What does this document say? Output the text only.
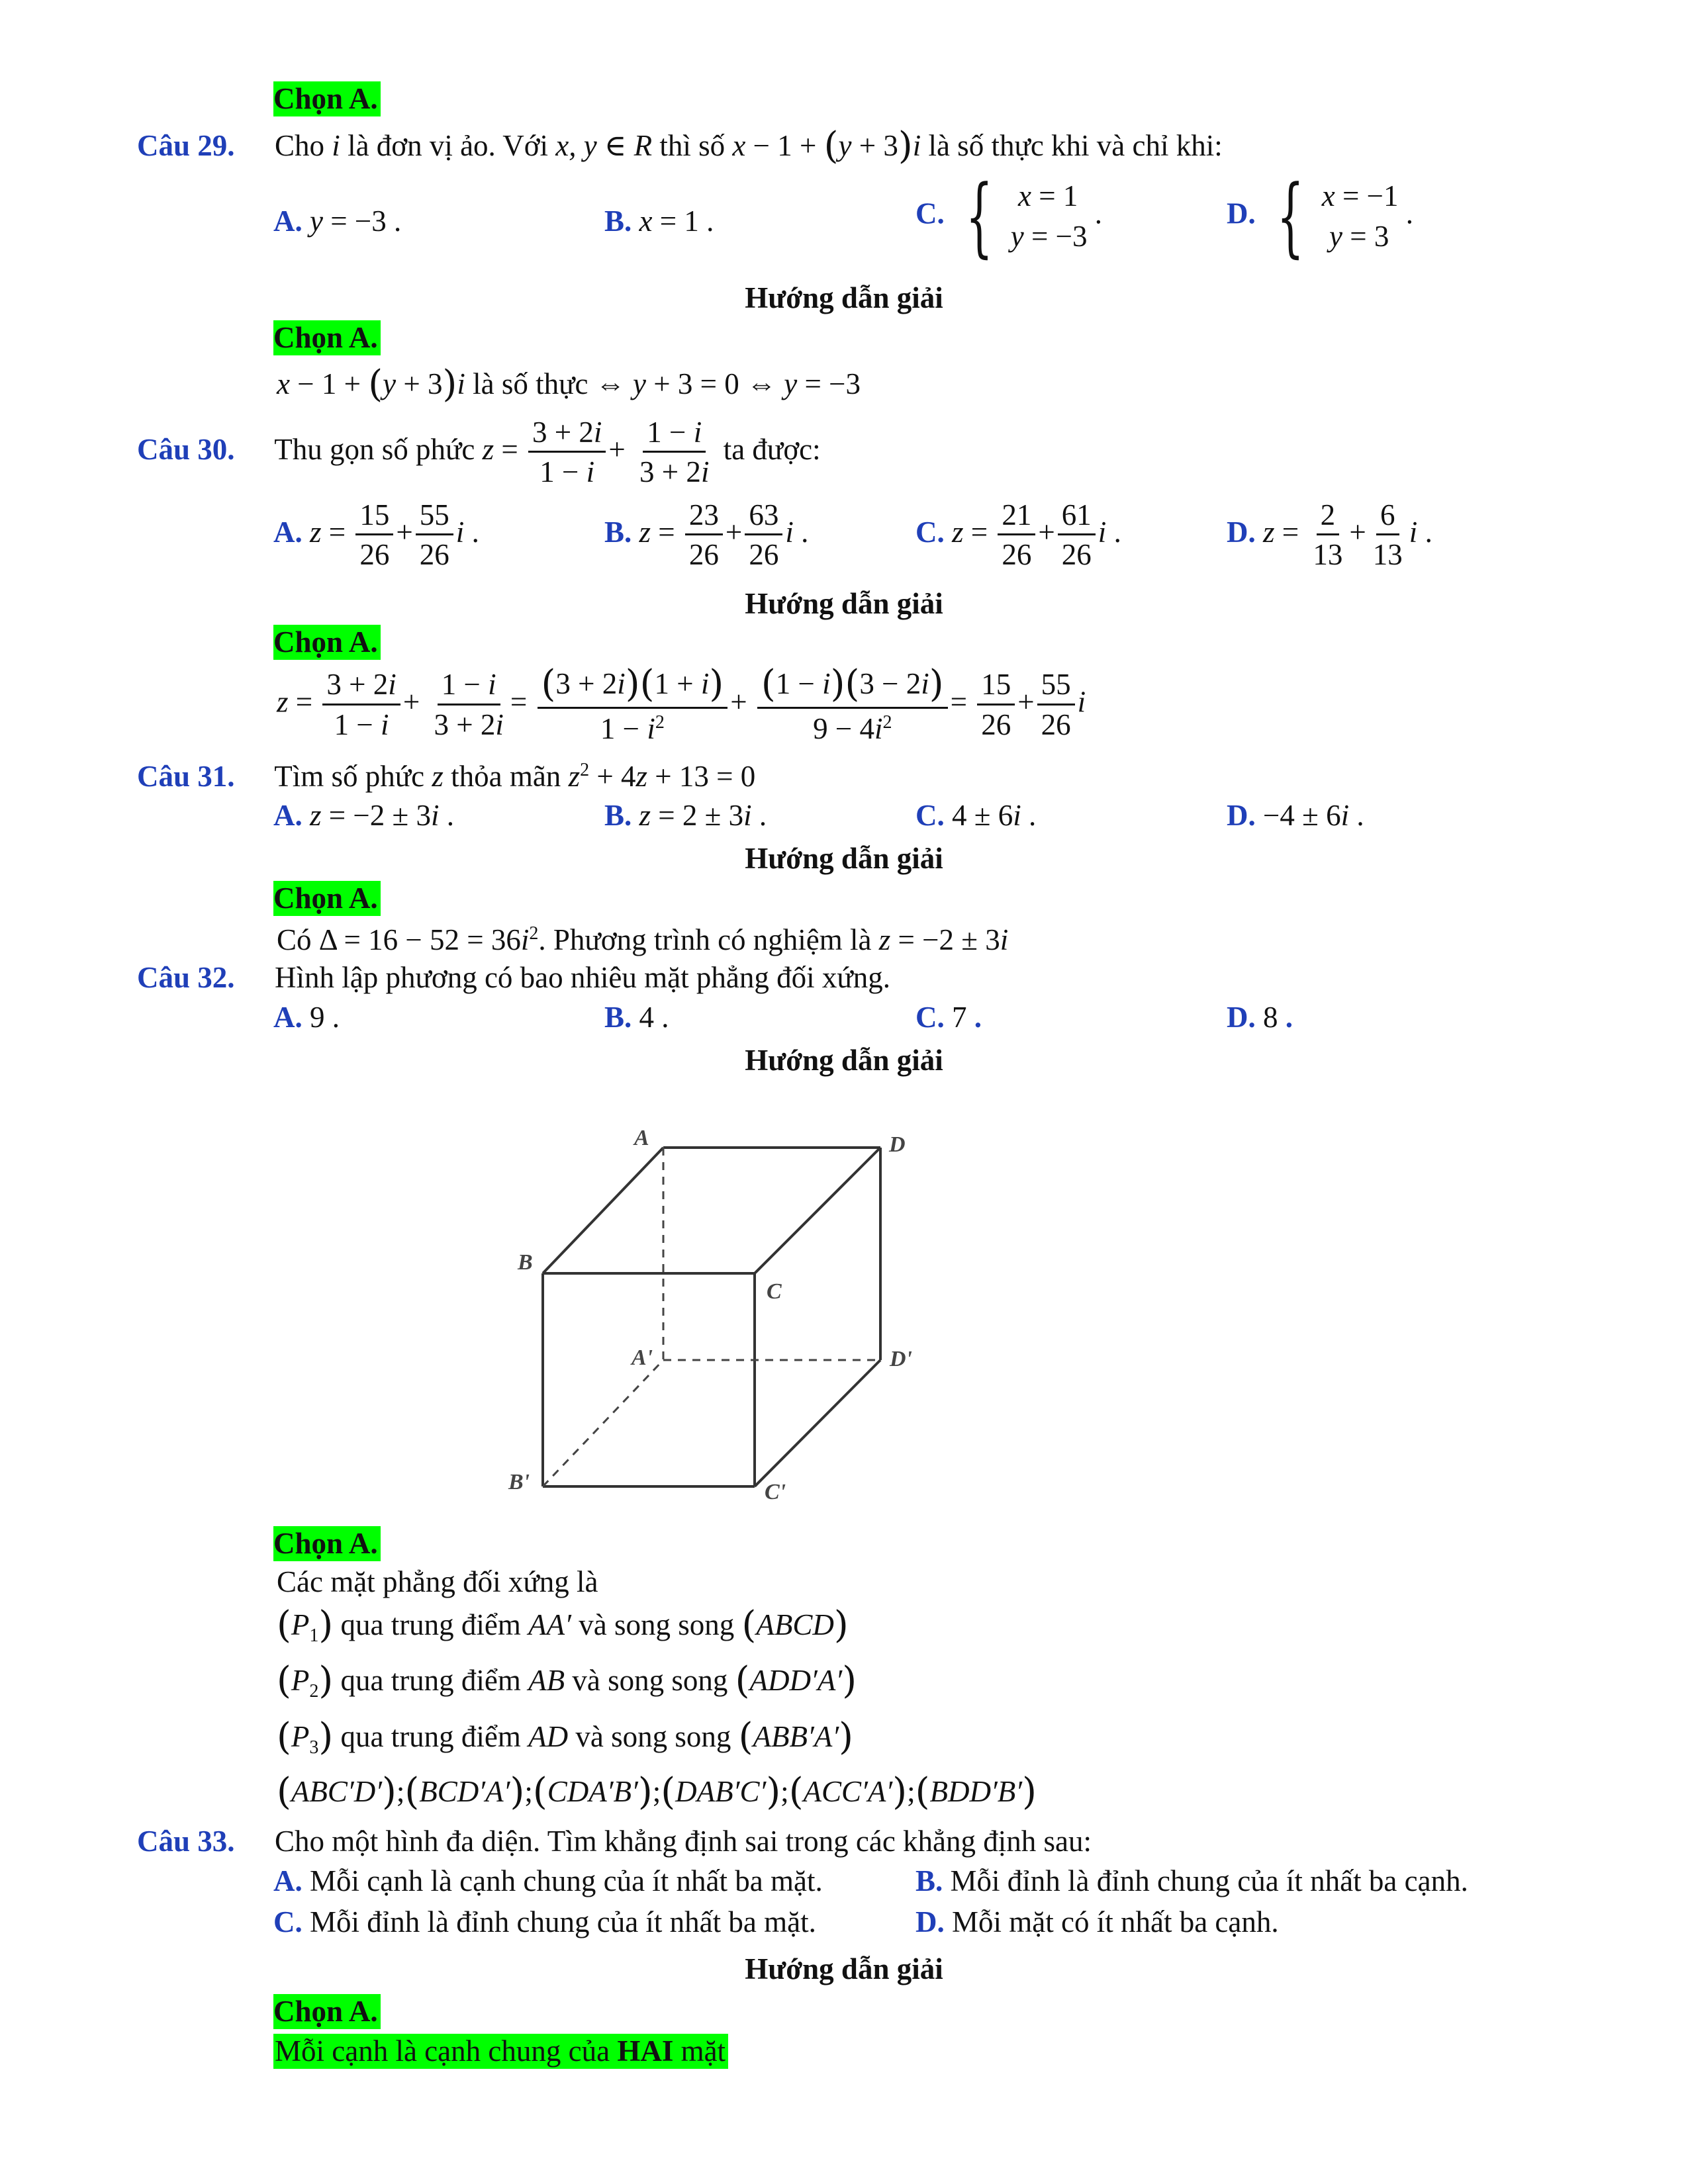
Chọn A.
Câu 29. Cho i là đơn vị ảo. Với x, y ∈ R thì số x − 1 + (y + 3)i là số thực khi và chỉ khi:
A. y = −3 .	B. x = 1 .	C. { x = 1
y = −3
.	D. { x = −1
y = 3
.
Hướng dẫn giải
Chọn A.
x − 1 + (y + 3)i là số thực ⇔ y + 3 = 0 ⇔ y = −3
Câu 30. Thu gọn số phức $z = \frac{3 + 2i}{1 - i} + \frac{1 - i}{3 + 2i}$ ta được:
A. $z = \frac{15}{26} + \frac{55}{26}$ i .	B. $z = \frac{23}{26} + \frac{63}{26}$ i .	C. $z = \frac{21}{26} + \frac{61}{26}$ i .	D. $z = \frac{2}{13} + \frac{6}{13}$ i .
Hướng dẫn giải
Chọn A.
$z = \frac{3 + 2i}{1 - i} + \frac{1 - i}{3 + 2i} = \frac{(3 + 2i)(1 + i)}{1 - i^2} + \frac{(1 - i)(3 - 2i)}{9 - 4i^2} = \frac{15}{26} + \frac{55}{26}$ i
Câu 31. Tìm số phức z thỏa mãn $z^2 + 4z + 13 = 0$
A. z = −2 ± 3i .	B. z = 2 ± 3i .	C. 4 ± 6i .	D. −4 ± 6i .
Hướng dẫn giải
Chọn A.
Có $\Delta = 16 - 52 = 36i^2$. Phương trình có nghiệm là z = −2 ± 3i
Câu 32. Hình lập phương có bao nhiêu mặt phẳng đối xứng.
A. 9 .	B. 4 .	C. 7 .	D. 8 .
Hướng dẫn giải
A	D
B
C
A'	D'
B'	C'
Chọn A.
Các mặt phẳng đối xứng là
$(P_1)$ qua trung điểm AA′ và song song (ABCD)
$(P_2)$ qua trung điểm AB và song song (ADD′A′)
$(P_3)$ qua trung điểm AD và song song (ABB′A′)
(ABC′D′);(BCD′A′);(CDA′B′);(DAB′C′);(ACC′A′);(BDD′B′)
Câu 33. Cho một hình đa diện. Tìm khẳng định sai trong các khẳng định sau:
A. Mỗi cạnh là cạnh chung của ít nhất ba mặt.	B. Mỗi đỉnh là đỉnh chung của ít nhất ba cạnh.
C. Mỗi đỉnh là đỉnh chung của ít nhất ba mặt.	D. Mỗi mặt có ít nhất ba cạnh.
Hướng dẫn giải
Chọn A.
Mỗi cạnh là cạnh chung của HAI mặt
